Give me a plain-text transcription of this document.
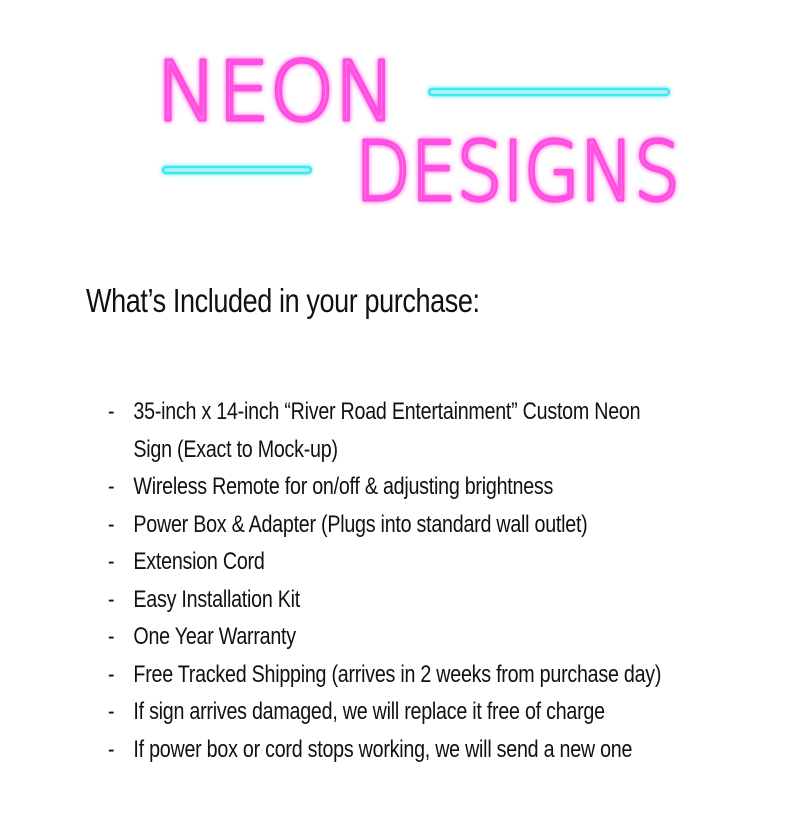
NEON
DESIGNS
What’s Included in your purchase:
- 35-inch x 14-inch “River Road Entertainment” Custom Neon
Sign (Exact to Mock-up)
- Wireless Remote for on/off & adjusting brightness
- Power Box & Adapter (Plugs into standard wall outlet)
- Extension Cord
- Easy Installation Kit
- One Year Warranty
- Free Tracked Shipping (arrives in 2 weeks from purchase day)
- If sign arrives damaged, we will replace it free of charge
- If power box or cord stops working, we will send a new one
